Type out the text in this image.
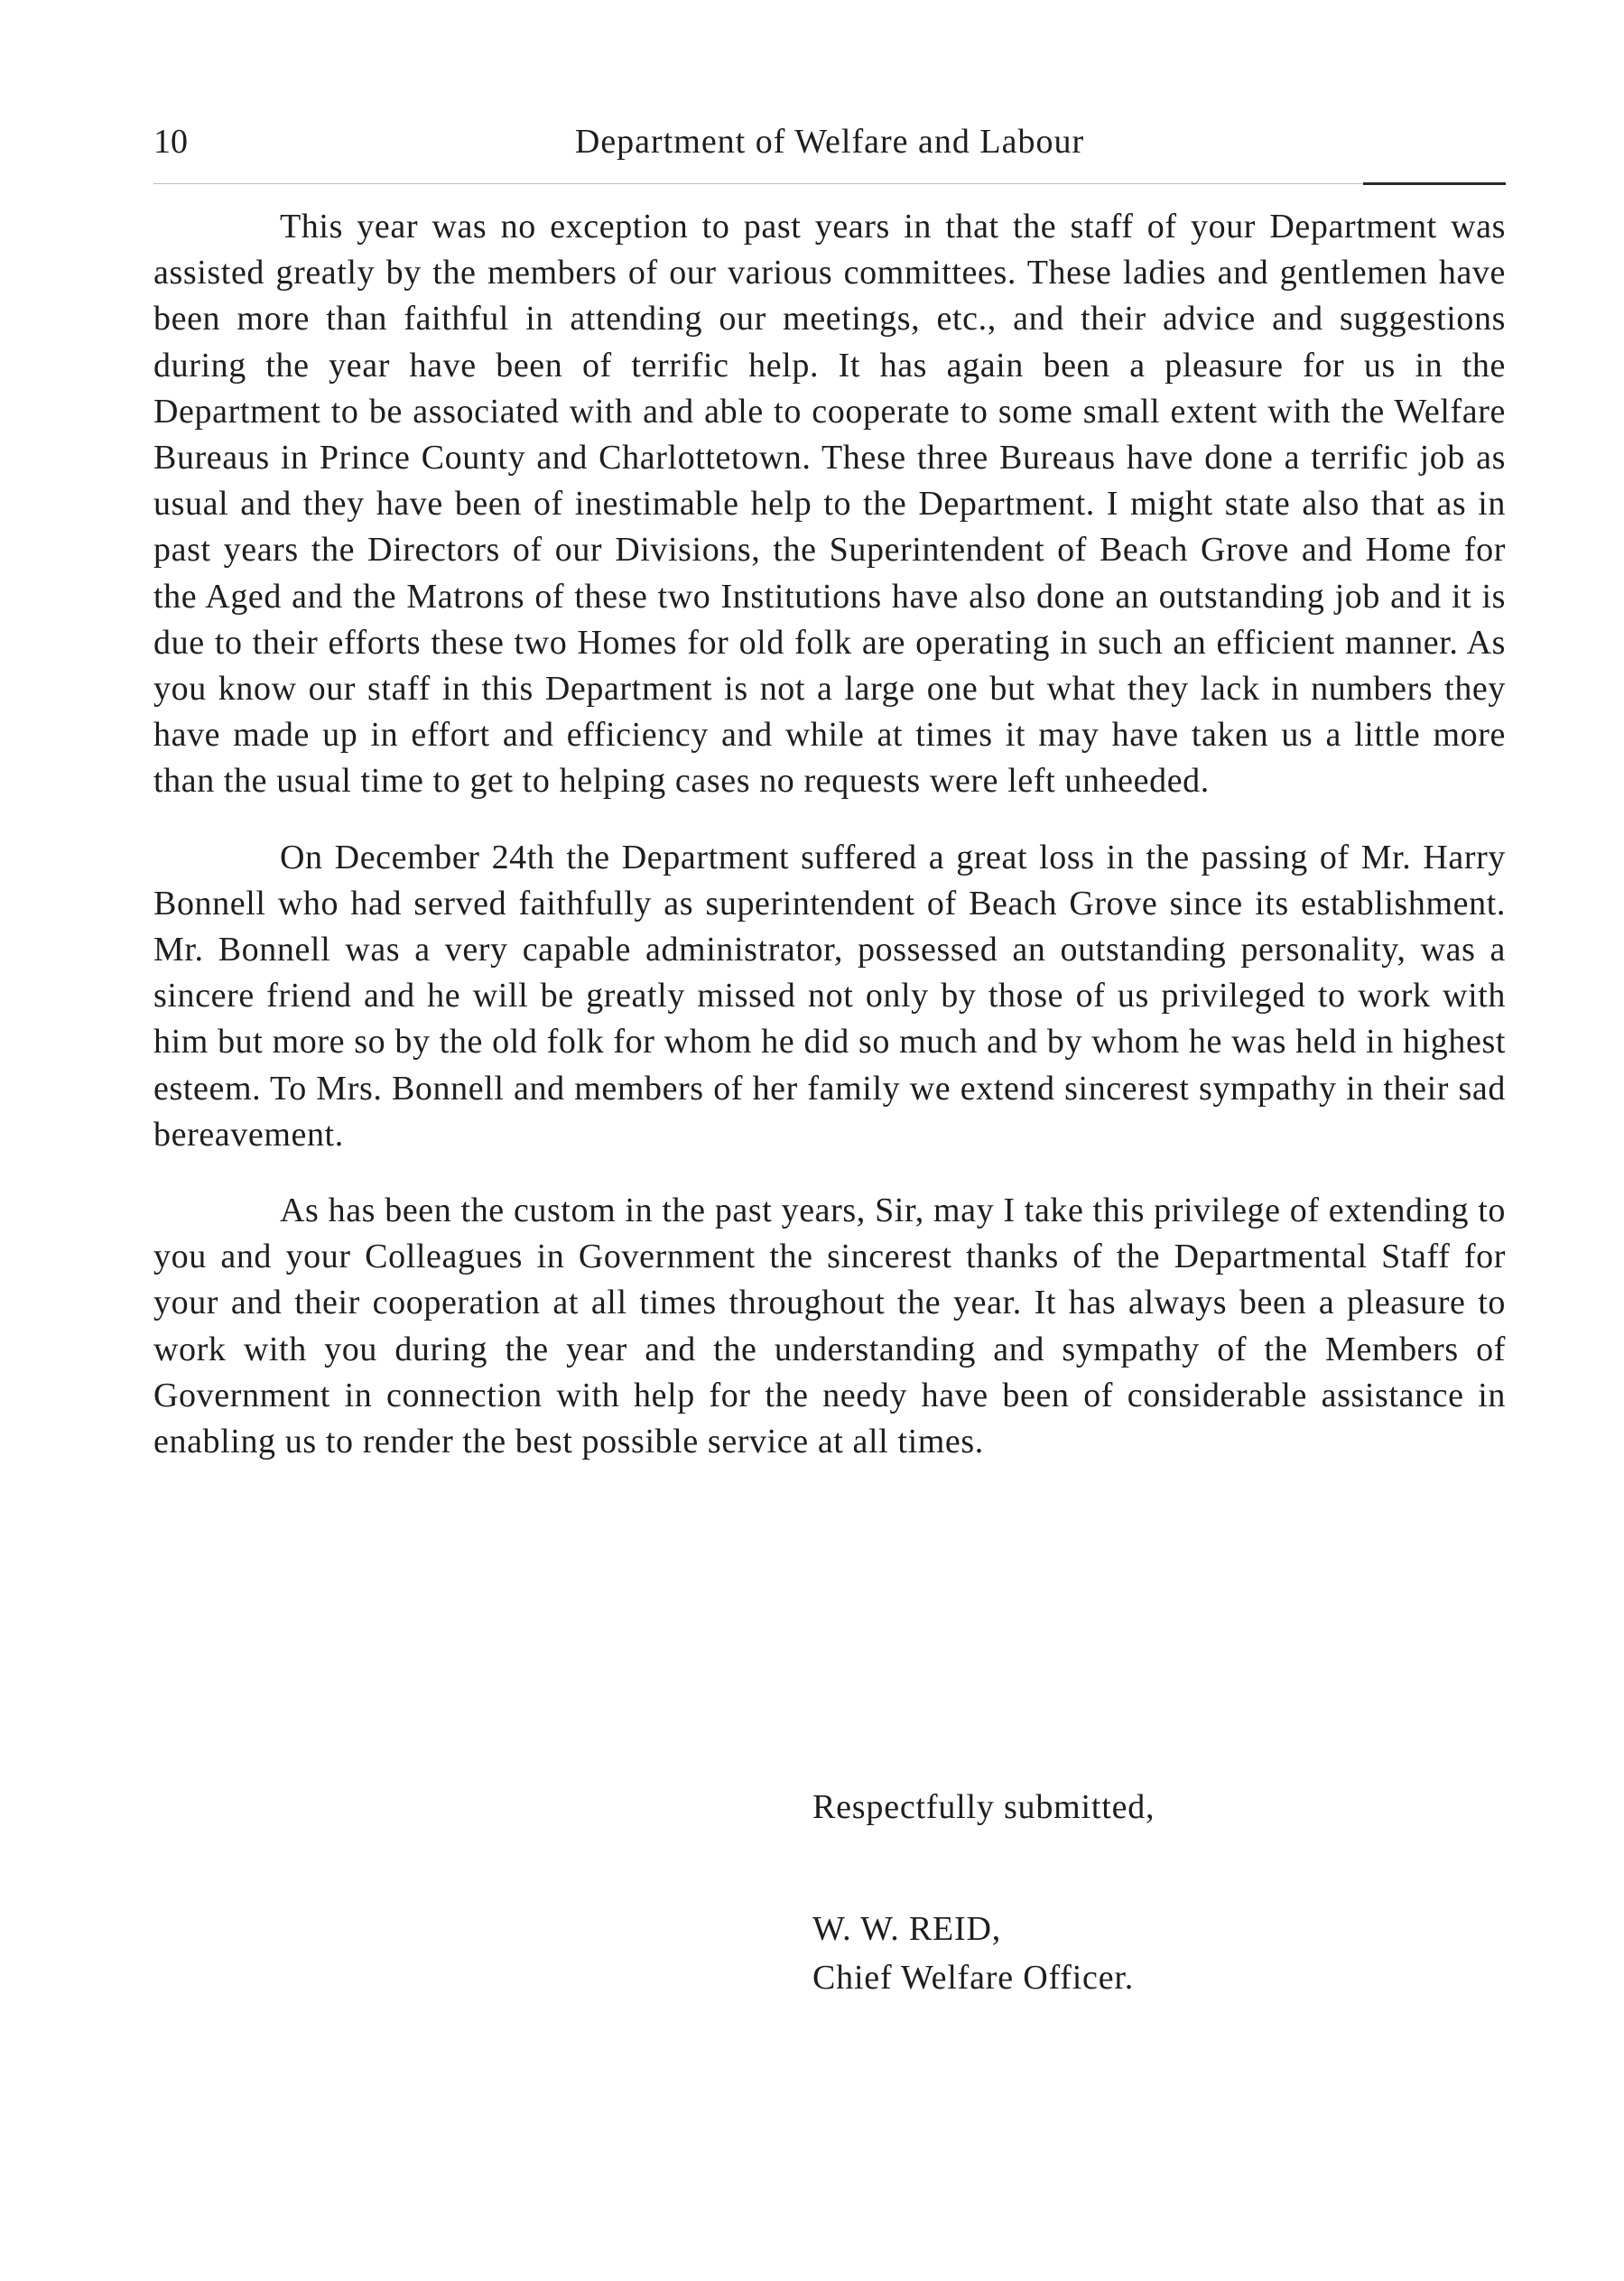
10	Department of Welfare and Labour

This year was no exception to past years in that the staff of your Department was assisted greatly by the members of our various committees. These ladies and gentlemen have been more than faithful in attending our meetings, etc., and their advice and suggestions during the year have been of terrific help. It has again been a pleasure for us in the Department to be associated with and able to cooperate to some small extent with the Welfare Bureaus in Prince County and Charlottetown. These three Bureaus have done a terrific job as usual and they have been of inestimable help to the Department. I might state also that as in past years the Directors of our Divisions, the Superintendent of Beach Grove and Home for the Aged and the Matrons of these two Institutions have also done an outstanding job and it is due to their efforts these two Homes for old folk are operating in such an efficient manner. As you know our staff in this Department is not a large one but what they lack in numbers they have made up in effort and efficiency and while at times it may have taken us a little more than the usual time to get to helping cases no requests were left unheeded.

On December 24th the Department suffered a great loss in the passing of Mr. Harry Bonnell who had served faithfully as superintendent of Beach Grove since its establishment. Mr. Bonnell was a very capable administrator, possessed an outstanding personality, was a sincere friend and he will be greatly missed not only by those of us privileged to work with him but more so by the old folk for whom he did so much and by whom he was held in highest esteem. To Mrs. Bonnell and members of her family we extend sincerest sympathy in their sad bereavement.

As has been the custom in the past years, Sir, may I take this privilege of extending to you and your Colleagues in Government the sincerest thanks of the Departmental Staff for your and their cooperation at all times throughout the year. It has always been a pleasure to work with you during the year and the understanding and sympathy of the Members of Government in connection with help for the needy have been of considerable assistance in enabling us to render the best possible service at all times.

Respectfully submitted,
W. W. REID,
Chief Welfare Officer.
